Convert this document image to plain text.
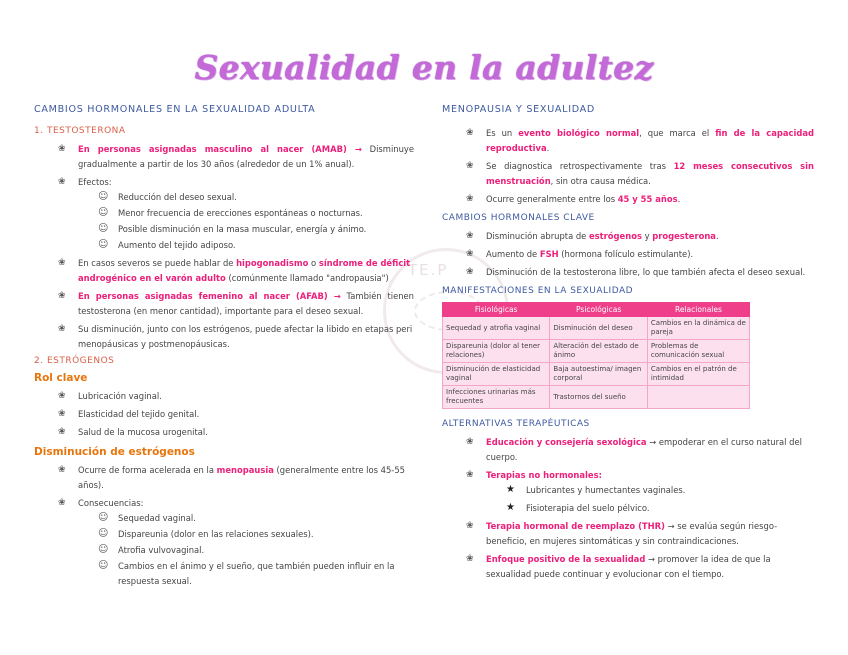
Sexualidad en la adultez
TE.P
CAMBIOS HORMONALES EN LA SEXUALIDAD ADULTA
1. TESTOSTERONA
❀ En personas asignadas masculino al nacer (AMAB) → Disminuye gradualmente a partir de los 30 años (alrededor de un 1% anual).
❀ Efectos:
☺ Reducción del deseo sexual.
☺ Menor frecuencia de erecciones espontáneas o nocturnas.
☺ Posible disminución en la masa muscular, energía y ánimo.
☺ Aumento del tejido adiposo.
❀ En casos severos se puede hablar de hipogonadismo o síndrome de déficit androgénico en el varón adulto (comúnmente llamado "andropausia")
❀ En personas asignadas femenino al nacer (AFAB) → También tienen testosterona (en menor cantidad), importante para el deseo sexual.
❀ Su disminución, junto con los estrógenos, puede afectar la libido en etapas peri menopáusicas y postmenopáusicas.
2. ESTRÓGENOS
Rol clave
❀ Lubricación vaginal.
❀ Elasticidad del tejido genital.
❀ Salud de la mucosa urogenital.
Disminución de estrógenos
❀ Ocurre de forma acelerada en la menopausia (generalmente entre los 45-55 años).
❀ Consecuencias:
☺ Sequedad vaginal.
☺ Dispareunia (dolor en las relaciones sexuales).
☺ Atrofia vulvovaginal.
☺ Cambios en el ánimo y el sueño, que también pueden influir en la respuesta sexual.
MENOPAUSIA Y SEXUALIDAD
❀ Es un evento biológico normal, que marca el fin de la capacidad reproductiva.
❀ Se diagnostica retrospectivamente tras 12 meses consecutivos sin menstruación, sin otra causa médica.
❀ Ocurre generalmente entre los 45 y 55 años.
CAMBIOS HORMONALES CLAVE
❀ Disminución abrupta de estrógenos y progesterona.
❀ Aumento de FSH (hormona folículo estimulante).
❀ Disminución de la testosterona libre, lo que también afecta el deseo sexual.
MANIFESTACIONES EN LA SEXUALIDAD
Fisiológicas	Psicológicas	Relacionales
Sequedad y atrofia vaginal	Disminución del deseo	Cambios en la dinámica de pareja
Dispareunia (dolor al tener relaciones)	Alteración del estado de ánimo	Problemas de comunicación sexual
Disminución de elasticidad vaginal	Baja autoestima/ imagen corporal	Cambios en el patrón de intimidad
Infecciones urinarias más frecuentes	Trastornos del sueño	
ALTERNATIVAS TERAPÉUTICAS
❀ Educación y consejería sexológica → empoderar en el curso natural del cuerpo.
❀ Terapias no hormonales:
★ Lubricantes y humectantes vaginales.
★ Fisioterapia del suelo pélvico.
❀ Terapia hormonal de reemplazo (THR) → se evalúa según riesgo-beneficio, en mujeres sintomáticas y sin contraindicaciones.
❀ Enfoque positivo de la sexualidad → promover la idea de que la sexualidad puede continuar y evolucionar con el tiempo.
